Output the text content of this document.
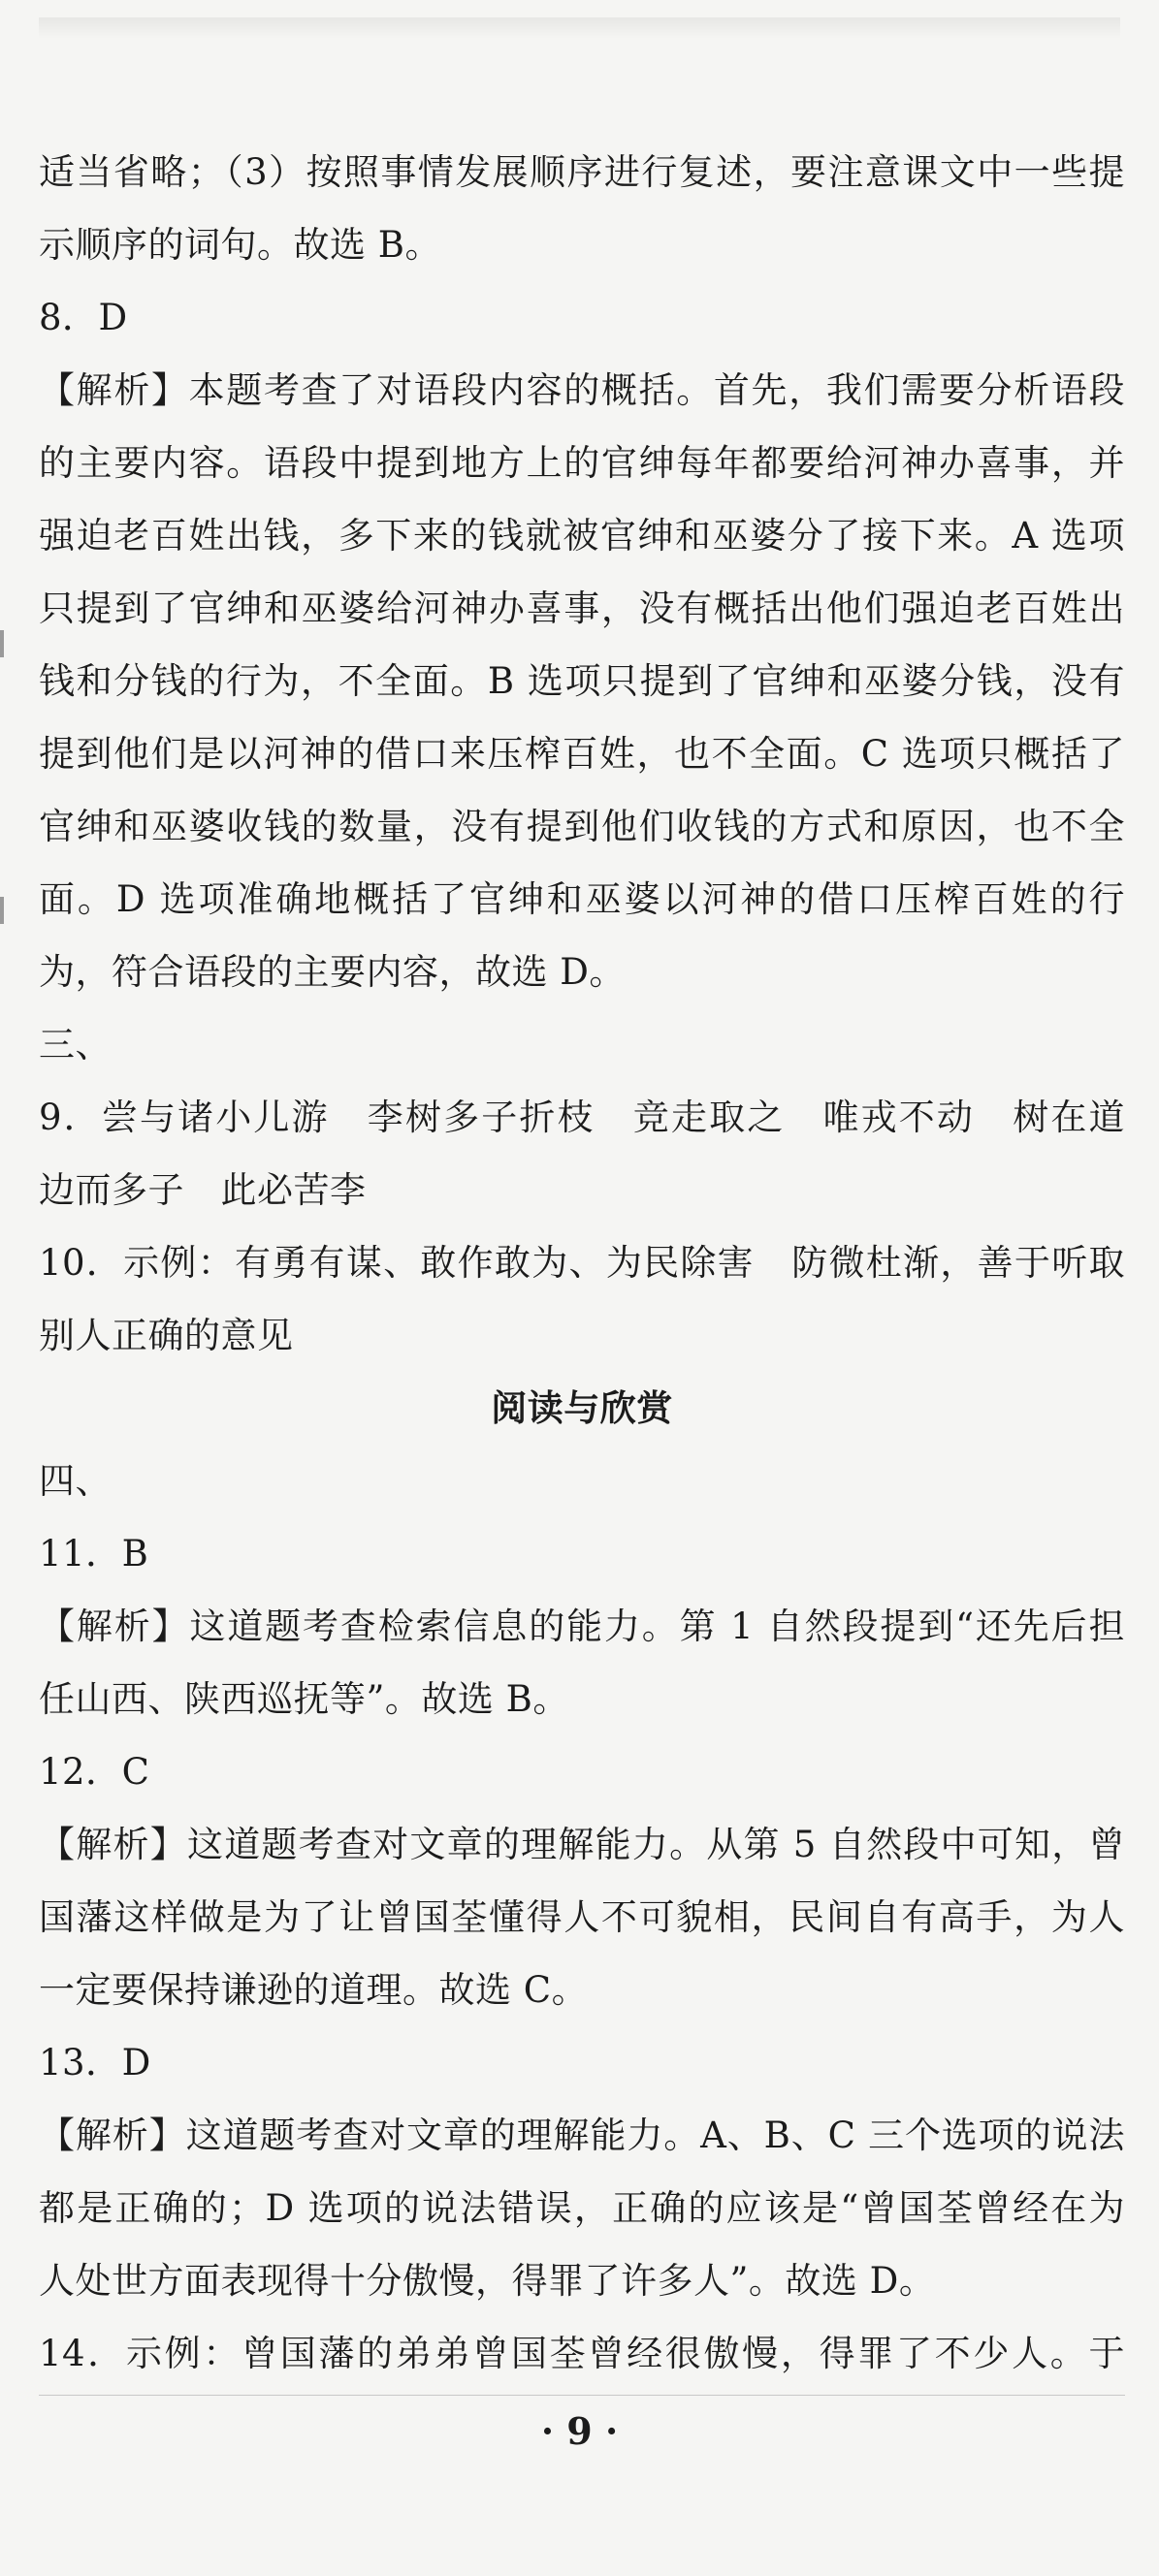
适当省略；（3）按照事情发展顺序进行复述，要注意课文中一些提
示顺序的词句。故选 B。
8．D
【解析】本题考查了对语段内容的概括。首先，我们需要分析语段
的主要内容。语段中提到地方上的官绅每年都要给河神办喜事，并
强迫老百姓出钱，多下来的钱就被官绅和巫婆分了接下来。A 选项
只提到了官绅和巫婆给河神办喜事，没有概括出他们强迫老百姓出
钱和分钱的行为，不全面。B 选项只提到了官绅和巫婆分钱，没有
提到他们是以河神的借口来压榨百姓，也不全面。C 选项只概括了
官绅和巫婆收钱的数量，没有提到他们收钱的方式和原因，也不全
面。D 选项准确地概括了官绅和巫婆以河神的借口压榨百姓的行
为，符合语段的主要内容，故选 D。
三、
9．尝与诸小儿游　李树多子折枝　竞走取之　唯戎不动　树在道
边而多子　此必苦李
10．示例：有勇有谋、敢作敢为、为民除害　防微杜渐，善于听取
别人正确的意见
阅读与欣赏
四、
11．B
【解析】这道题考查检索信息的能力。第 1 自然段提到“还先后担
任山西、陕西巡抚等”。故选 B。
12．C
【解析】这道题考查对文章的理解能力。从第 5 自然段中可知，曾
国藩这样做是为了让曾国荃懂得人不可貌相，民间自有高手，为人
一定要保持谦逊的道理。故选 C。
13．D
【解析】这道题考查对文章的理解能力。A、B、C 三个选项的说法
都是正确的；D 选项的说法错误，正确的应该是“曾国荃曾经在为
人处世方面表现得十分傲慢，得罪了许多人”。故选 D。
14．示例：曾国藩的弟弟曾国荃曾经很傲慢，得罪了不少人。于
· 9 ·
